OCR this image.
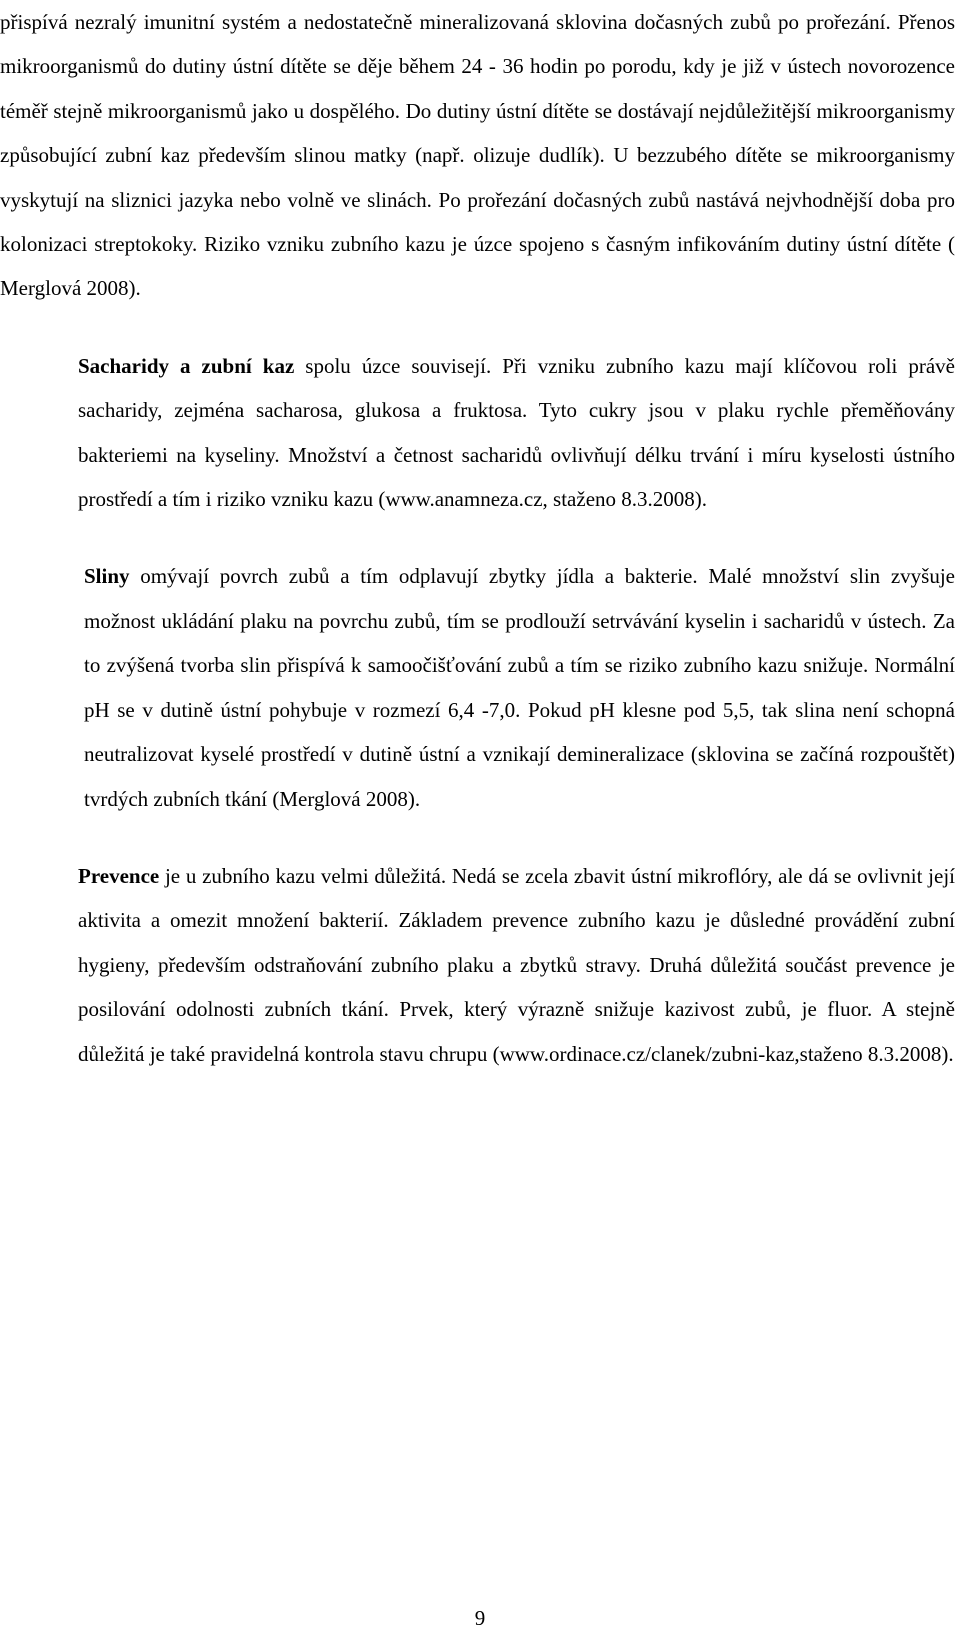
přispívá nezralý imunitní systém a nedostatečně mineralizovaná sklovina dočasných zubů po prořezání. Přenos mikroorganismů do dutiny ústní dítěte se děje během 24 - 36 hodin po porodu, kdy je již v ústech novorozence téměř stejně mikroorganismů jako u dospělého. Do dutiny ústní dítěte se dostávají nejdůležitější mikroorganismy způsobující zubní kaz především slinou matky (např. olizuje dudlík). U bezzubého dítěte se mikroorganismy vyskytují na sliznici jazyka nebo volně ve slinách. Po prořezání dočasných zubů nastává nejvhodnější doba pro kolonizaci streptokoky. Riziko vzniku zubního kazu je úzce spojeno s časným infikováním dutiny ústní dítěte ( Merglová 2008).

Sacharidy a zubní kaz spolu úzce souvisejí. Při vzniku zubního kazu mají klíčovou roli právě sacharidy, zejména sacharosa, glukosa a fruktosa. Tyto cukry jsou v plaku rychle přeměňovány bakteriemi na kyseliny. Množství a četnost sacharidů ovlivňují délku trvání i míru kyselosti ústního prostředí a tím i riziko vzniku kazu (www.anamneza.cz, staženo 8.3.2008).

Sliny omývají povrch zubů a tím odplavují zbytky jídla a bakterie. Malé množství slin zvyšuje možnost ukládání plaku na povrchu zubů, tím se prodlouží setrvávání kyselin i sacharidů v ústech. Za to zvýšená tvorba slin přispívá k samoočišťování zubů a tím se riziko zubního kazu snižuje. Normální pH se v dutině ústní pohybuje v rozmezí 6,4 -7,0. Pokud pH klesne pod 5,5, tak slina není schopná neutralizovat kyselé prostředí v dutině ústní a vznikají demineralizace (sklovina se začíná rozpouštět) tvrdých zubních tkání (Merglová 2008).

Prevence je u zubního kazu velmi důležitá. Nedá se zcela zbavit ústní mikroflóry, ale dá se ovlivnit její aktivita a omezit množení bakterií. Základem prevence zubního kazu je důsledné provádění zubní hygieny, především odstraňování zubního plaku a zbytků stravy. Druhá důležitá součást prevence je posilování odolnosti zubních tkání. Prvek, který výrazně snižuje kazivost zubů, je fluor. A stejně důležitá je také pravidelná kontrola stavu chrupu (www.ordinace.cz/clanek/zubni-kaz,staženo 8.3.2008).

9
